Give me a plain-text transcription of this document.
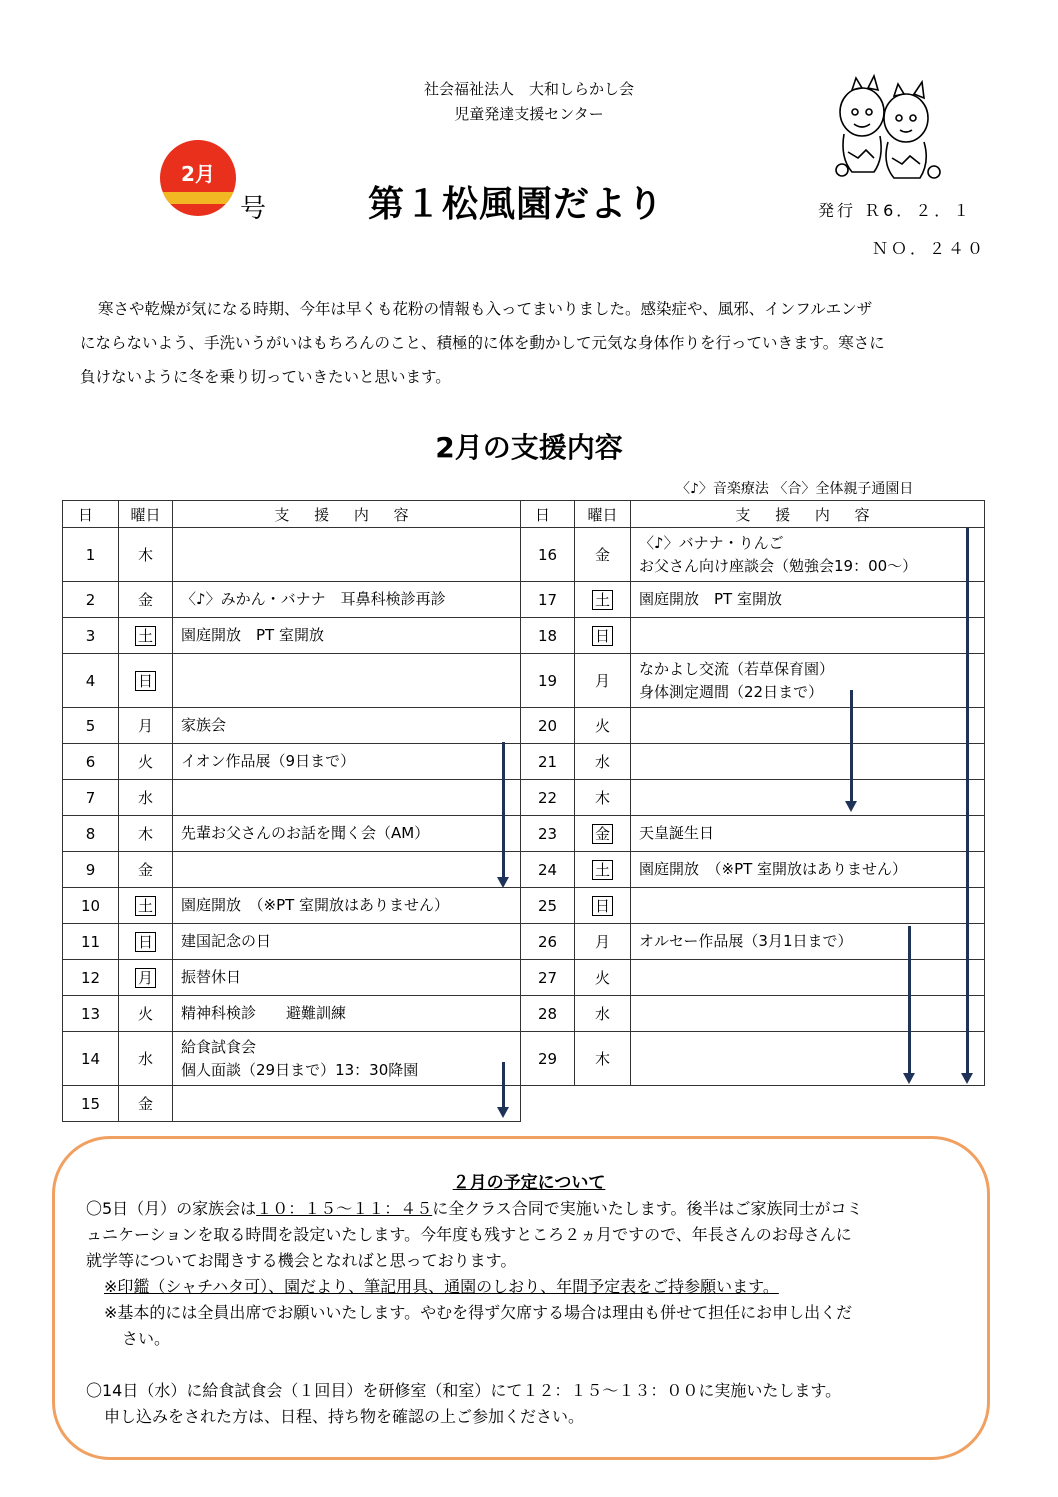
社会福祉法人　大和しらかし会
児童発達支援センター
2月
号	第１松風園だより	発行 Ｒ6．２．１
ＮＯ．２４０

寒さや乾燥が気になる時期、今年は早くも花粉の情報も入ってまいりました。感染症や、風邪、インフルエンザ

にならないよう、手洗いうがいはもちろんのこと、積極的に体を動かして元気な身体作りを行っていきます。寒さに

負けないように冬を乗り切っていきたいと思います。

2月の支援内容
〈♪〉音楽療法 〈合〉全体親子通園日
日	曜日	支 援 内 容
1	木	

2	金	〈♪〉みかん・バナナ　耳鼻科検診再診

3	土	園庭開放　PT 室開放

4	日	

5	月	家族会

6	火	イオン作品展（9日まで）

7	水	

8	木	先輩お父さんのお話を聞く会（AM）

9	金	

10	土	園庭開放　（※PT 室開放はありません）

11	日	建国記念の日

12	月	振替休日

13	火	精神科検診　　避難訓練

14	水	給食試食会
個人面談（29日まで）13：30降園

15	金	
日	曜日	支 援 内 容
16	金	〈♪〉バナナ・りんご
お父さん向け座談会（勉強会19：00～）

17	土	園庭開放　PT 室開放

18	日	

19	月	なかよし交流（若草保育園）
身体測定週間（22日まで）

20	火	

21	水	

22	木	

23	金	天皇誕生日

24	土	園庭開放　（※PT 室開放はありません）

25	日	

26	月	オルセー作品展（3月1日まで）

27	火	

28	水	

29	木	
２月の予定について

〇5日（月）の家族会は１０：１５～１１：４５に全クラス合同で実施いたします。後半はご家族同士がコミ

ュニケーションを取る時間を設定いたします。今年度も残すところ２ヵ月ですので、年長さんのお母さんに

就学等についてお聞きする機会となればと思っております。

※印鑑（シャチハタ可）、園だより、筆記用具、通園のしおり、年間予定表をご持参願います。

※基本的には全員出席でお願いいたします。やむを得ず欠席する場合は理由も併せて担任にお申し出くだ

さい。

〇14日（水）に給食試食会（１回目）を研修室（和室）にて１２：１５～１３：００に実施いたします。

申し込みをされた方は、日程、持ち物を確認の上ご参加ください。
